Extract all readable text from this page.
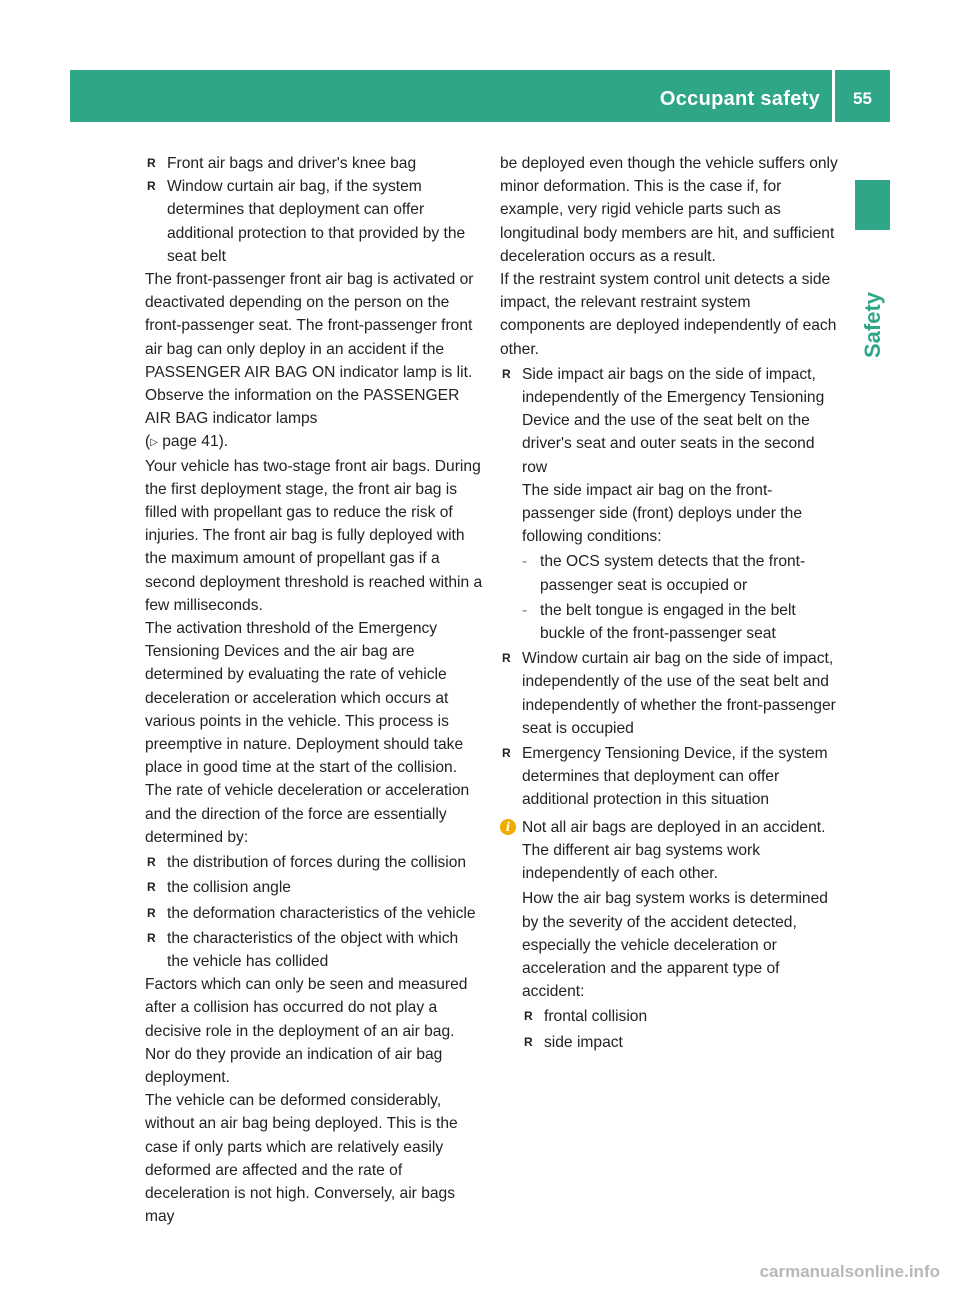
Occupant safety	55
Safety
R Front air bags and driver's knee bag
R Window curtain air bag, if the system determines that deployment can offer additional protection to that provided by the seat belt
The front-passenger front air bag is activated or deactivated depending on the person on the front-passenger seat. The front-passenger front air bag can only deploy in an accident if the PASSENGER AIR BAG ON indicator lamp is lit. Observe the information on the PASSENGER AIR BAG indicator lamps
(▷ page 41).
Your vehicle has two-stage front air bags. During the first deployment stage, the front air bag is filled with propellant gas to reduce the risk of injuries. The front air bag is fully deployed with the maximum amount of propellant gas if a second deployment threshold is reached within a few milliseconds.
The activation threshold of the Emergency Tensioning Devices and the air bag are determined by evaluating the rate of vehicle deceleration or acceleration which occurs at various points in the vehicle. This process is preemptive in nature. Deployment should take place in good time at the start of the collision.
The rate of vehicle deceleration or acceleration and the direction of the force are essentially determined by:
R the distribution of forces during the collision
R the collision angle
R the deformation characteristics of the vehicle
R the characteristics of the object with which the vehicle has collided
Factors which can only be seen and measured after a collision has occurred do not play a decisive role in the deployment of an air bag. Nor do they provide an indication of air bag deployment.
The vehicle can be deformed considerably, without an air bag being deployed. This is the case if only parts which are relatively easily deformed are affected and the rate of deceleration is not high. Conversely, air bags may
be deployed even though the vehicle suffers only minor deformation. This is the case if, for example, very rigid vehicle parts such as longitudinal body members are hit, and sufficient deceleration occurs as a result.
If the restraint system control unit detects a side impact, the relevant restraint system components are deployed independently of each other.
R Side impact air bags on the side of impact, independently of the Emergency Tensioning Device and the use of the seat belt on the driver's seat and outer seats in the second row
The side impact air bag on the front-passenger side (front) deploys under the following conditions:
- the OCS system detects that the front-passenger seat is occupied or
- the belt tongue is engaged in the belt buckle of the front-passenger seat
R Window curtain air bag on the side of impact, independently of the use of the seat belt and independently of whether the front-passenger seat is occupied
R Emergency Tensioning Device, if the system determines that deployment can offer additional protection in this situation
i Not all air bags are deployed in an accident. The different air bag systems work independently of each other.
How the air bag system works is determined by the severity of the accident detected, especially the vehicle deceleration or acceleration and the apparent type of accident:
R frontal collision
R side impact
carmanualsonline.info
